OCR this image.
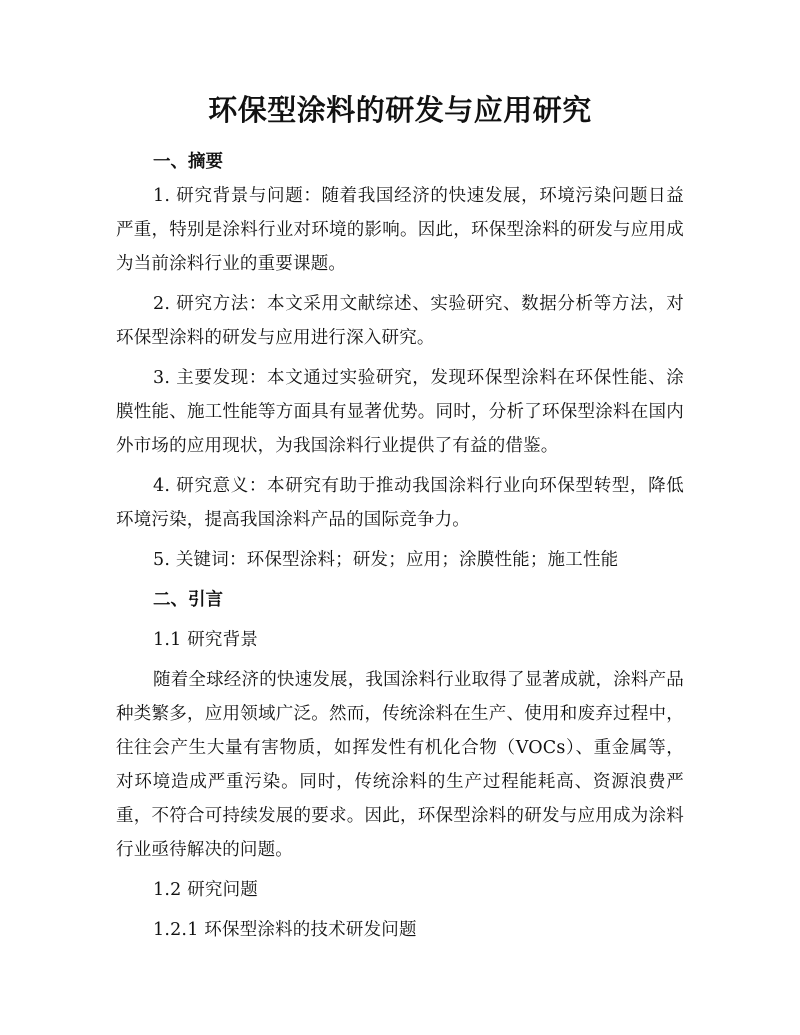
环保型涂料的研发与应用研究

一、摘要

1. 研究背景与问题：随着我国经济的快速发展，环境污染问题日益严重，特别是涂料行业对环境的影响。因此，环保型涂料的研发与应用成为当前涂料行业的重要课题。

2. 研究方法：本文采用文献综述、实验研究、数据分析等方法，对环保型涂料的研发与应用进行深入研究。

3. 主要发现：本文通过实验研究，发现环保型涂料在环保性能、涂膜性能、施工性能等方面具有显著优势。同时，分析了环保型涂料在国内外市场的应用现状，为我国涂料行业提供了有益的借鉴。

4. 研究意义：本研究有助于推动我国涂料行业向环保型转型，降低环境污染，提高我国涂料产品的国际竞争力。

5. 关键词：环保型涂料；研发；应用；涂膜性能；施工性能

二、引言

1.1 研究背景

随着全球经济的快速发展，我国涂料行业取得了显著成就，涂料产品种类繁多，应用领域广泛。然而，传统涂料在生产、使用和废弃过程中，往往会产生大量有害物质，如挥发性有机化合物（VOCs）、重金属等，对环境造成严重污染。同时，传统涂料的生产过程能耗高、资源浪费严重，不符合可持续发展的要求。因此，环保型涂料的研发与应用成为涂料行业亟待解决的问题。

1.2 研究问题

1.2.1 环保型涂料的技术研发问题
